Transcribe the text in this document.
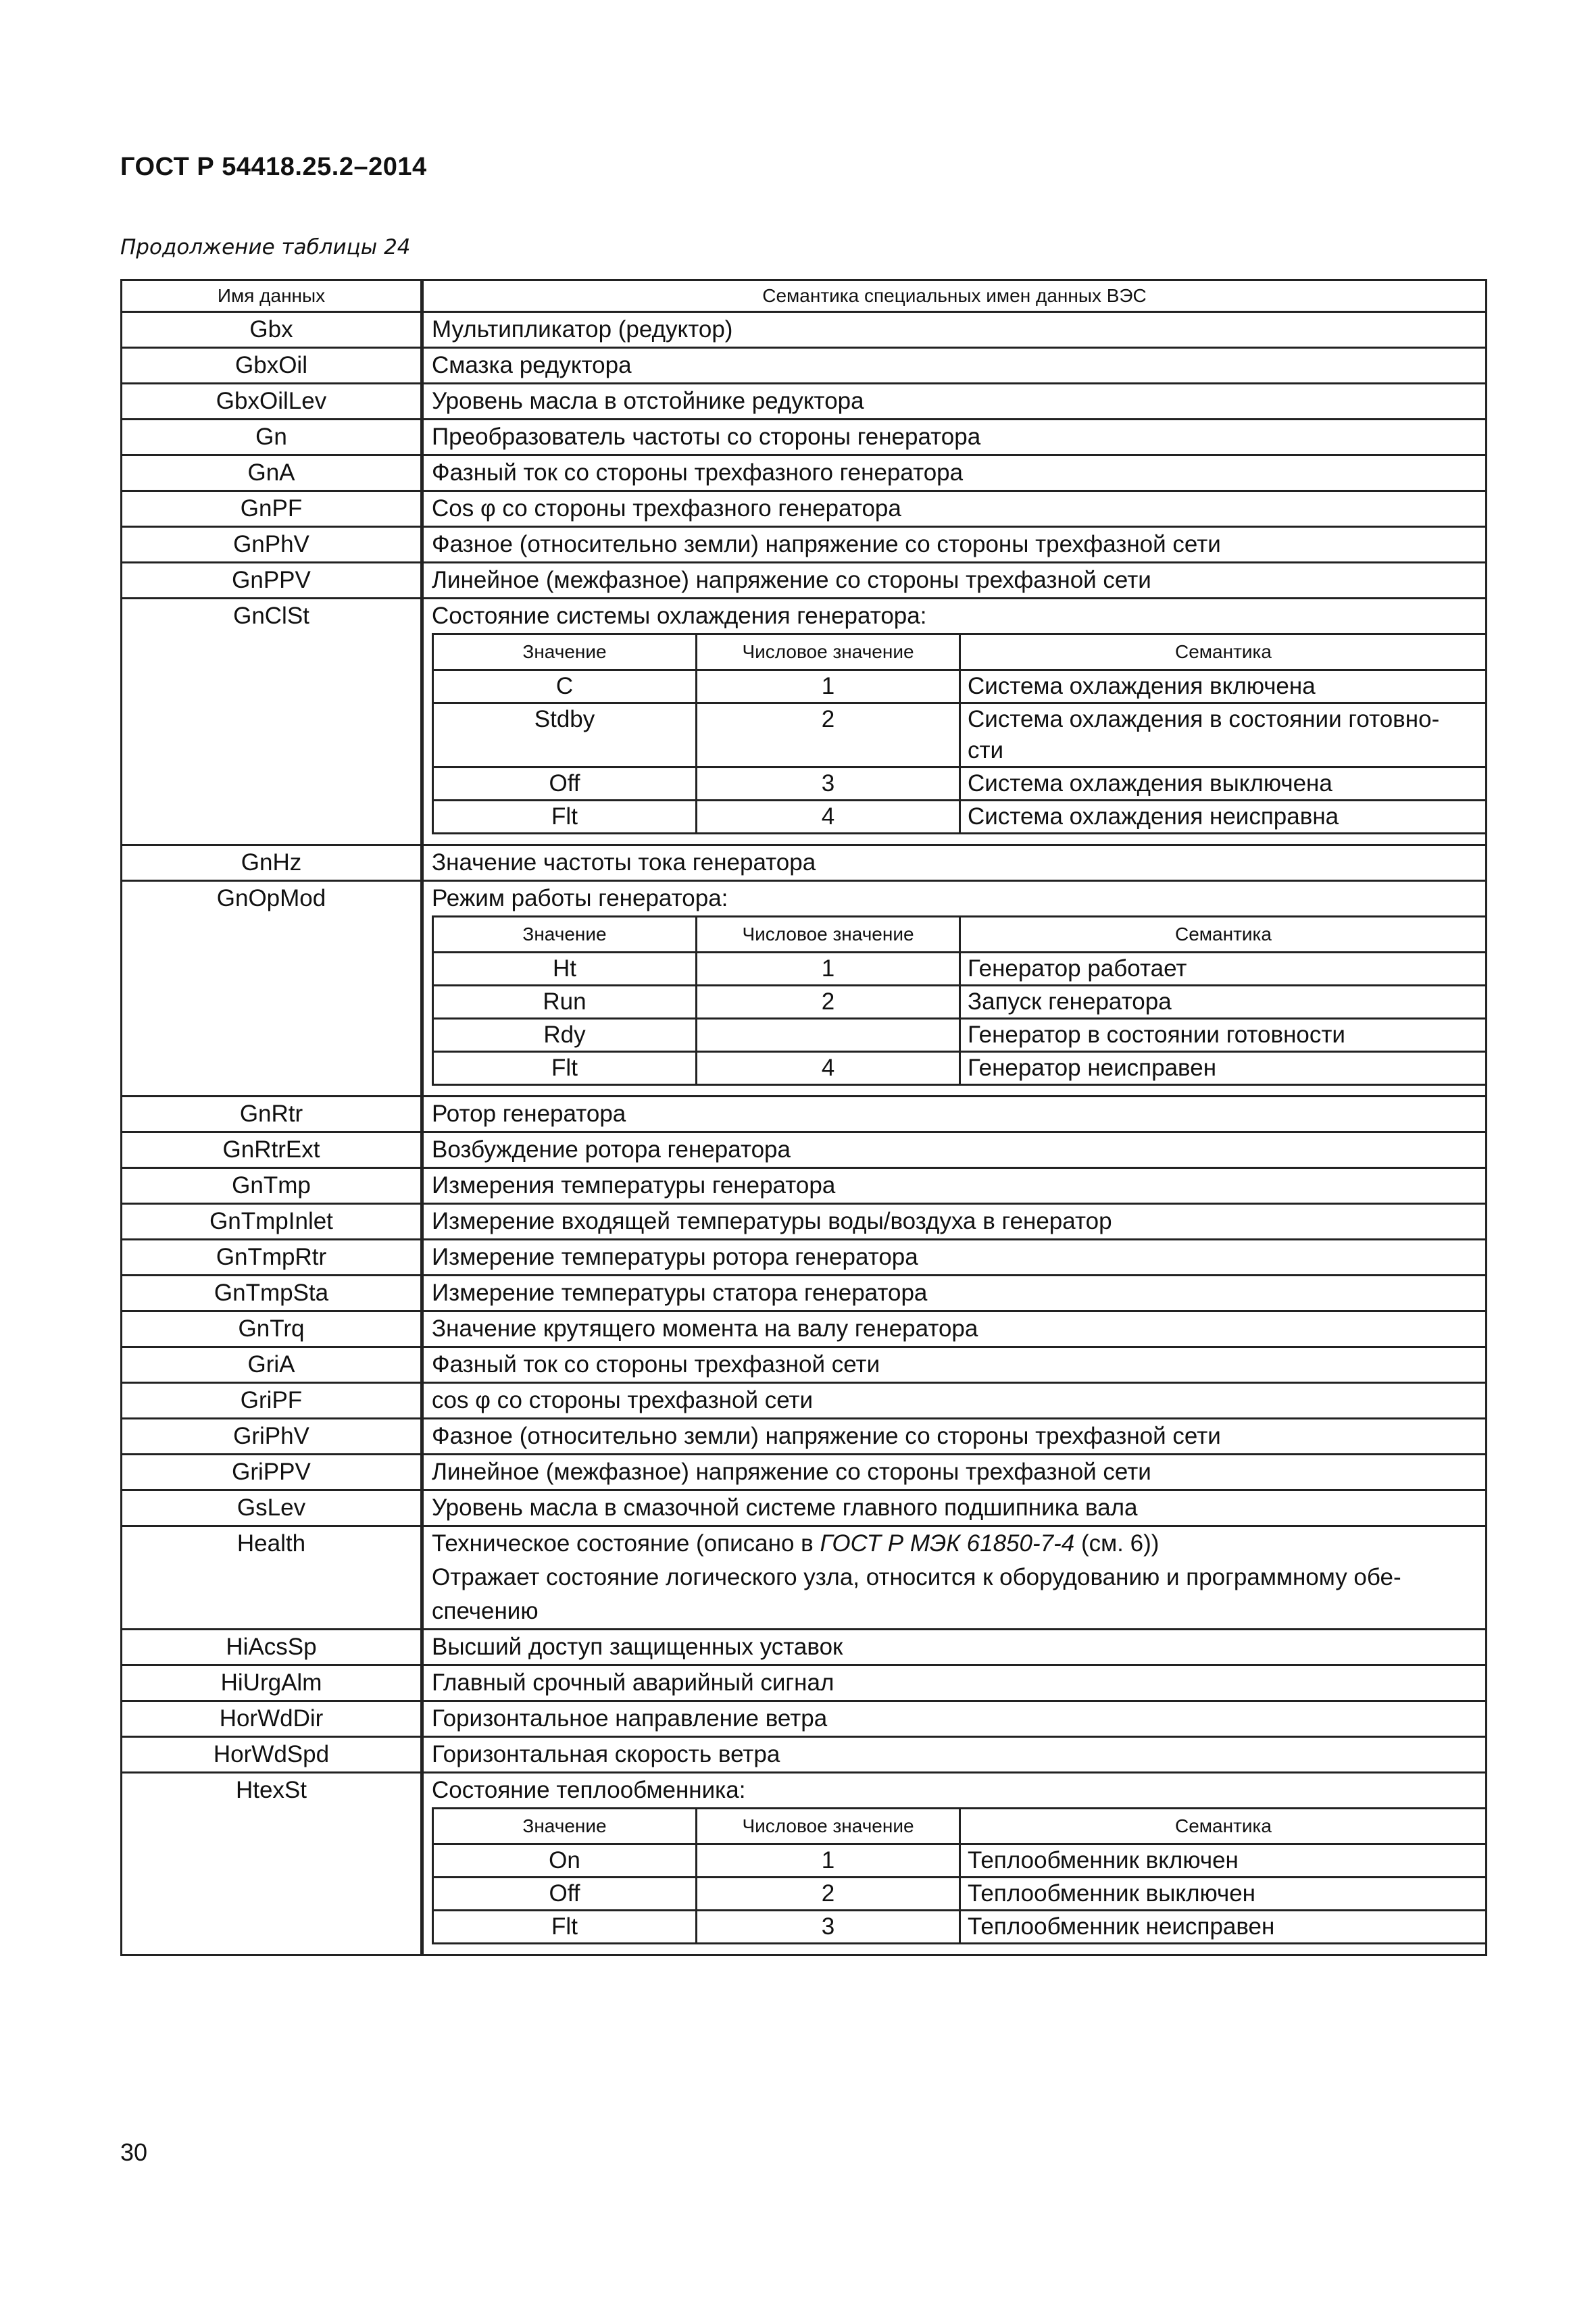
ГОСТ Р 54418.25.2–2014
Продолжение таблицы 24
Имя данных	Семантика специальных имен данных ВЭС
Gbx	Мультипликатор (редуктор)

GbxOil	Смазка редуктора

GbxOilLev	Уровень масла в отстойнике редуктора

Gn	Преобразователь частоты со стороны генератора

GnA	Фазный ток со стороны трехфазного генератора

GnPF	Cos φ со стороны трехфазного генератора

GnPhV	Фазное (относительно земли) напряжение со стороны трехфазной сети

GnPPV	Линейное (межфазное) напряжение со стороны трехфазной сети

GnClSt	Состояние системы охлаждения генератора:
Значение	Числовое значение	Семантика
C	1	Система охлаждения включена

Stdby	2	Система охлаждения в состоянии готовно-
сти

Off	3	Система охлаждения выключена

Flt	4	Система охлаждения неисправна

GnHz	Значение частоты тока генератора

GnOpMod	Режим работы генератора:
Значение	Числовое значение	Семантика
Ht	1	Генератор работает

Run	2	Запуск генератора

Rdy		Генератор в состоянии готовности

Flt	4	Генератор неисправен

GnRtr	Ротор генератора

GnRtrExt	Возбуждение ротора генератора

GnTmp	Измерения температуры генератора

GnTmpInlet	Измерение входящей температуры воды/воздуха в генератор

GnTmpRtr	Измерение температуры ротора генератора

GnTmpSta	Измерение температуры статора генератора

GnTrq	Значение крутящего момента на валу генератора

GriA	Фазный ток со стороны трехфазной сети

GriPF	cos φ со стороны трехфазной сети

GriPhV	Фазное (относительно земли) напряжение со стороны трехфазной сети

GriPPV	Линейное (межфазное) напряжение со стороны трехфазной сети

GsLev	Уровень масла в смазочной системе главного подшипника вала

Health	Техническое состояние (описано в ГОСТ Р МЭК 61850-7-4 (см. 6))
Отражает состояние логического узла, относится к оборудованию и программному обе-
спечению

HiAcsSp	Высший доступ защищенных уставок

HiUrgAlm	Главный срочный аварийный сигнал

HorWdDir	Горизонтальное направление ветра

HorWdSpd	Горизонтальная скорость ветра

HtexSt	Состояние теплообменника:
Значение	Числовое значение	Семантика
On	1	Теплообменник включен

Off	2	Теплообменник выключен

Flt	3	Теплообменник неисправен
30
